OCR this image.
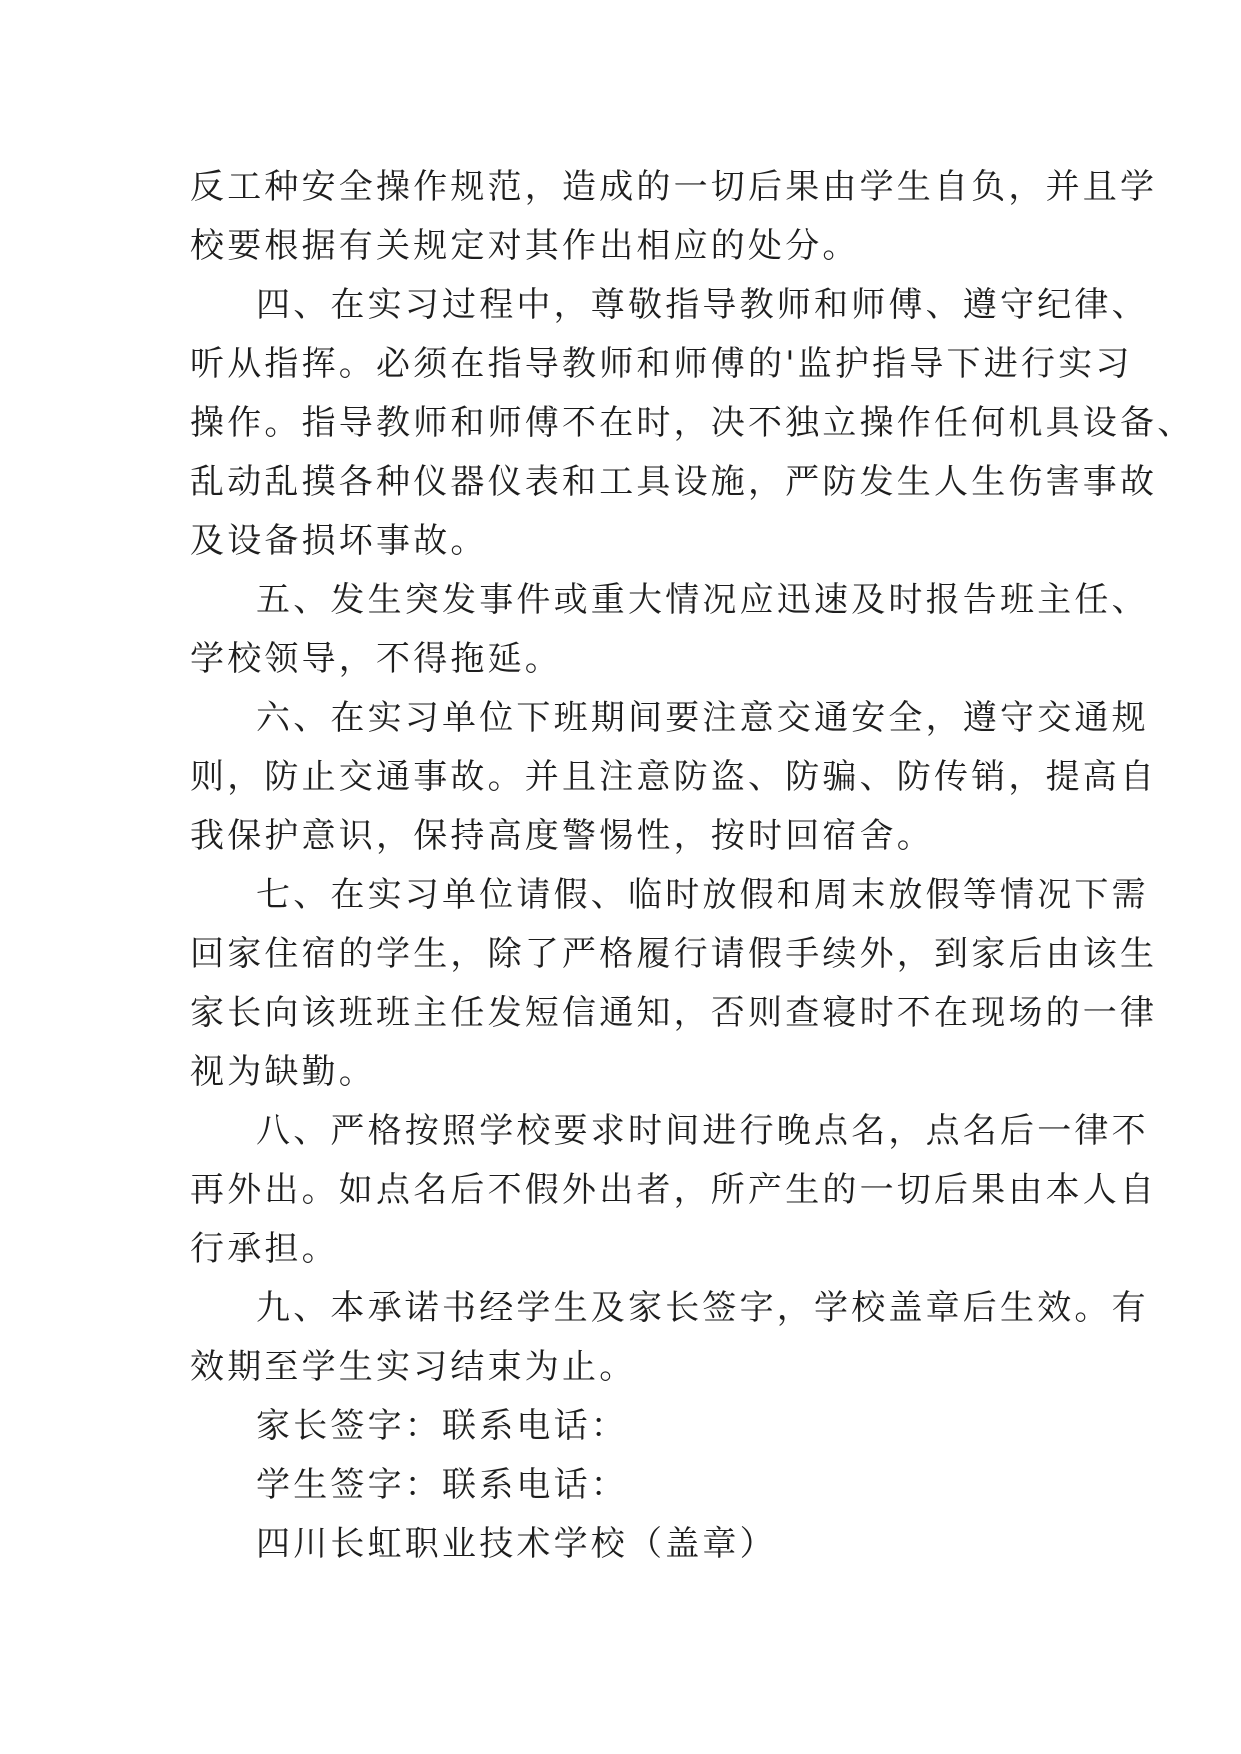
反工种安全操作规范，造成的一切后果由学生自负，并且学
校要根据有关规定对其作出相应的处分。
四、在实习过程中，尊敬指导教师和师傅、遵守纪律、
听从指挥。必须在指导教师和师傅的'监护指导下进行实习
操作。指导教师和师傅不在时，决不独立操作任何机具设备、
乱动乱摸各种仪器仪表和工具设施，严防发生人生伤害事故
及设备损坏事故。
五、发生突发事件或重大情况应迅速及时报告班主任、
学校领导，不得拖延。
六、在实习单位下班期间要注意交通安全，遵守交通规
则，防止交通事故。并且注意防盗、防骗、防传销，提高自
我保护意识，保持高度警惕性，按时回宿舍。
七、在实习单位请假、临时放假和周末放假等情况下需
回家住宿的学生，除了严格履行请假手续外，到家后由该生
家长向该班班主任发短信通知，否则查寝时不在现场的一律
视为缺勤。
八、严格按照学校要求时间进行晚点名，点名后一律不
再外出。如点名后不假外出者，所产生的一切后果由本人自
行承担。
九、本承诺书经学生及家长签字，学校盖章后生效。有
效期至学生实习结束为止。
家长签字：联系电话：
学生签字：联系电话：
四川长虹职业技术学校（盖章）
